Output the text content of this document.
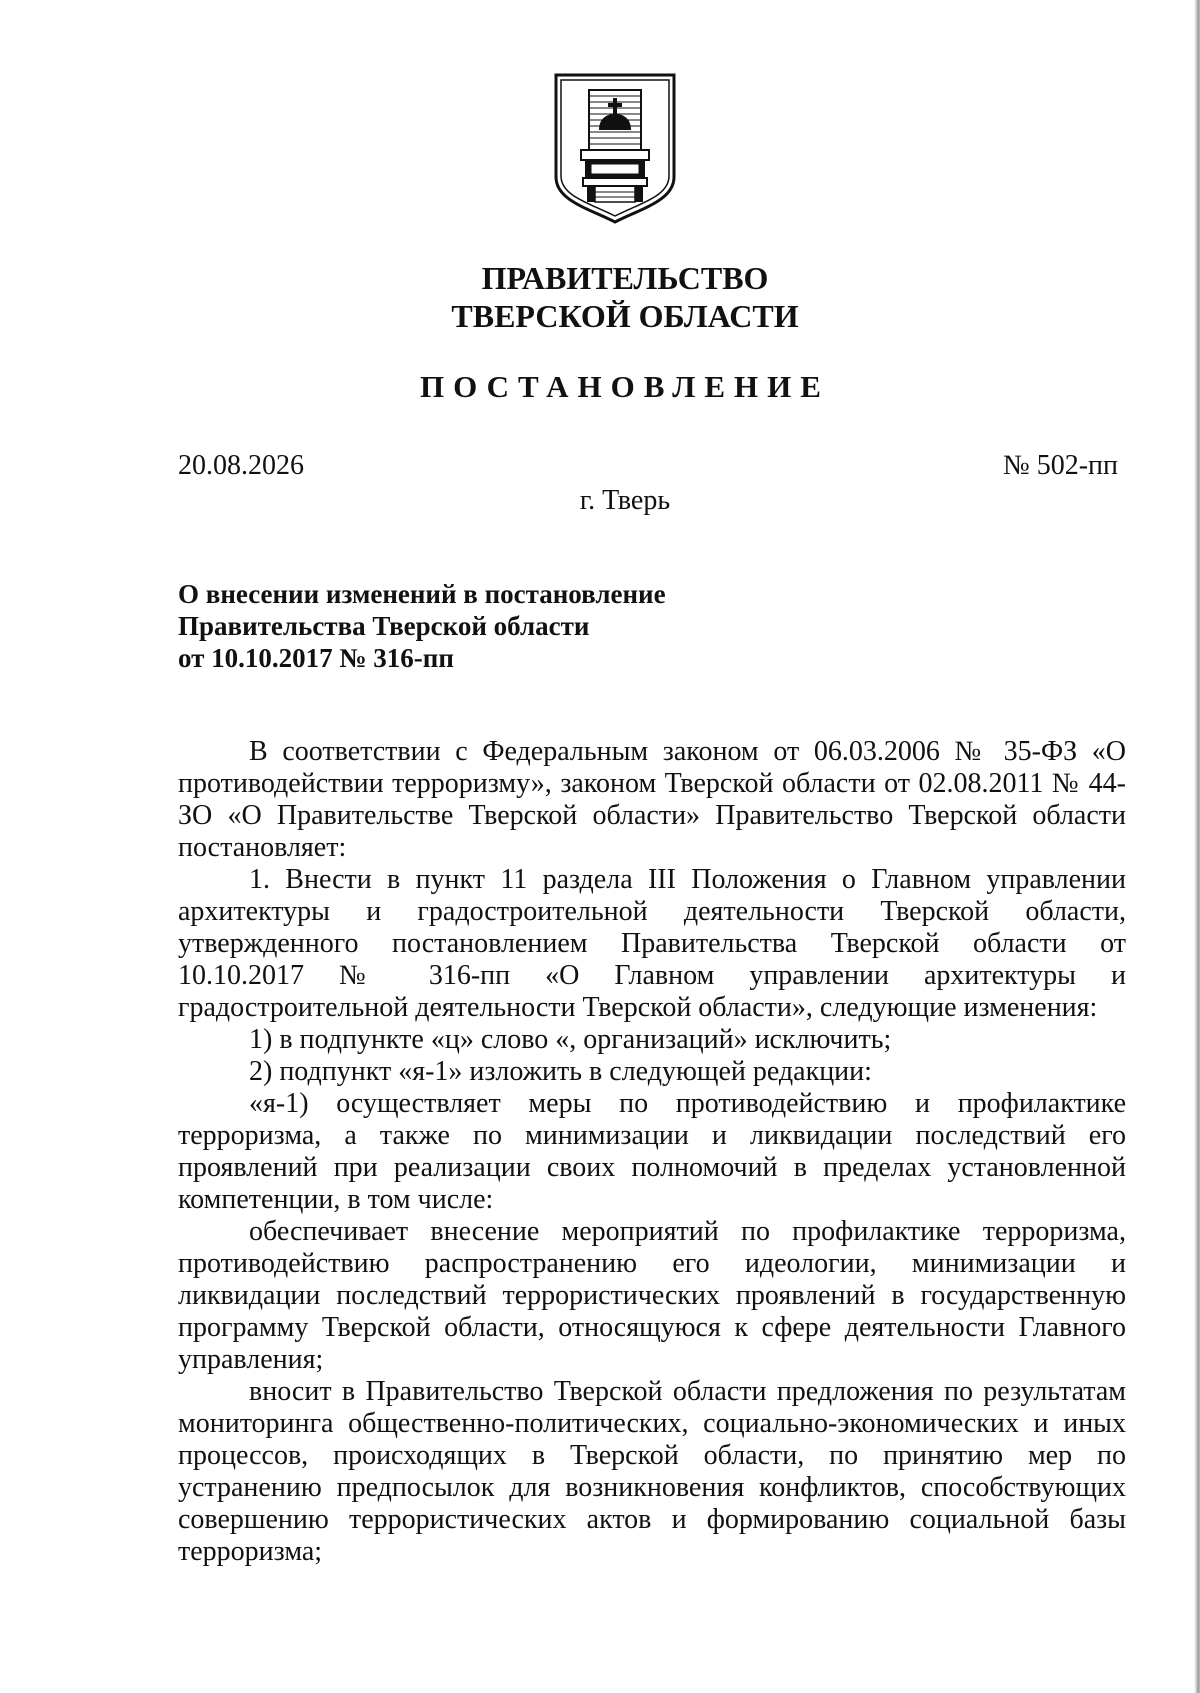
ПРАВИТЕЛЬСТВО
ТВЕРСКОЙ ОБЛАСТИ
ПОСТАНОВЛЕНИЕ
20.08.2026	№ 502-пп
г. Тверь
О внесении изменений в постановление
Правительства Тверской области
от 10.10.2017 № 316-пп

В соответствии с Федеральным законом от 06.03.2006 № 35-ФЗ «О противодействии терроризму», законом Тверской области от 02.08.2011 № 44-ЗО «О Правительстве Тверской области» Правительство Тверской области постановляет:

1. Внести в пункт 11 раздела III Положения о Главном управлении архитектуры и градостроительной деятельности Тверской области, утвержденного постановлением Правительства Тверской области от 10.10.2017 № 316-пп «О Главном управлении архитектуры и градостроительной деятельности Тверской области», следующие изменения:

1) в подпункте «ц» слово «, организаций» исключить;

2) подпункт «я-1» изложить в следующей редакции:

«я-1) осуществляет меры по противодействию и профилактике терроризма, а также по минимизации и ликвидации последствий его проявлений при реализации своих полномочий в пределах установленной компетенции, в том числе:

обеспечивает внесение мероприятий по профилактике терроризма, противодействию распространению его идеологии, минимизации и ликвидации последствий террористических проявлений в государственную программу Тверской области, относящуюся к сфере деятельности Главного управления;

вносит в Правительство Тверской области предложения по результатам мониторинга общественно-политических, социально-экономических и иных процессов, происходящих в Тверской области, по принятию мер по устранению предпосылок для возникновения конфликтов, способствующих совершению террористических актов и формированию социальной базы терроризма;
